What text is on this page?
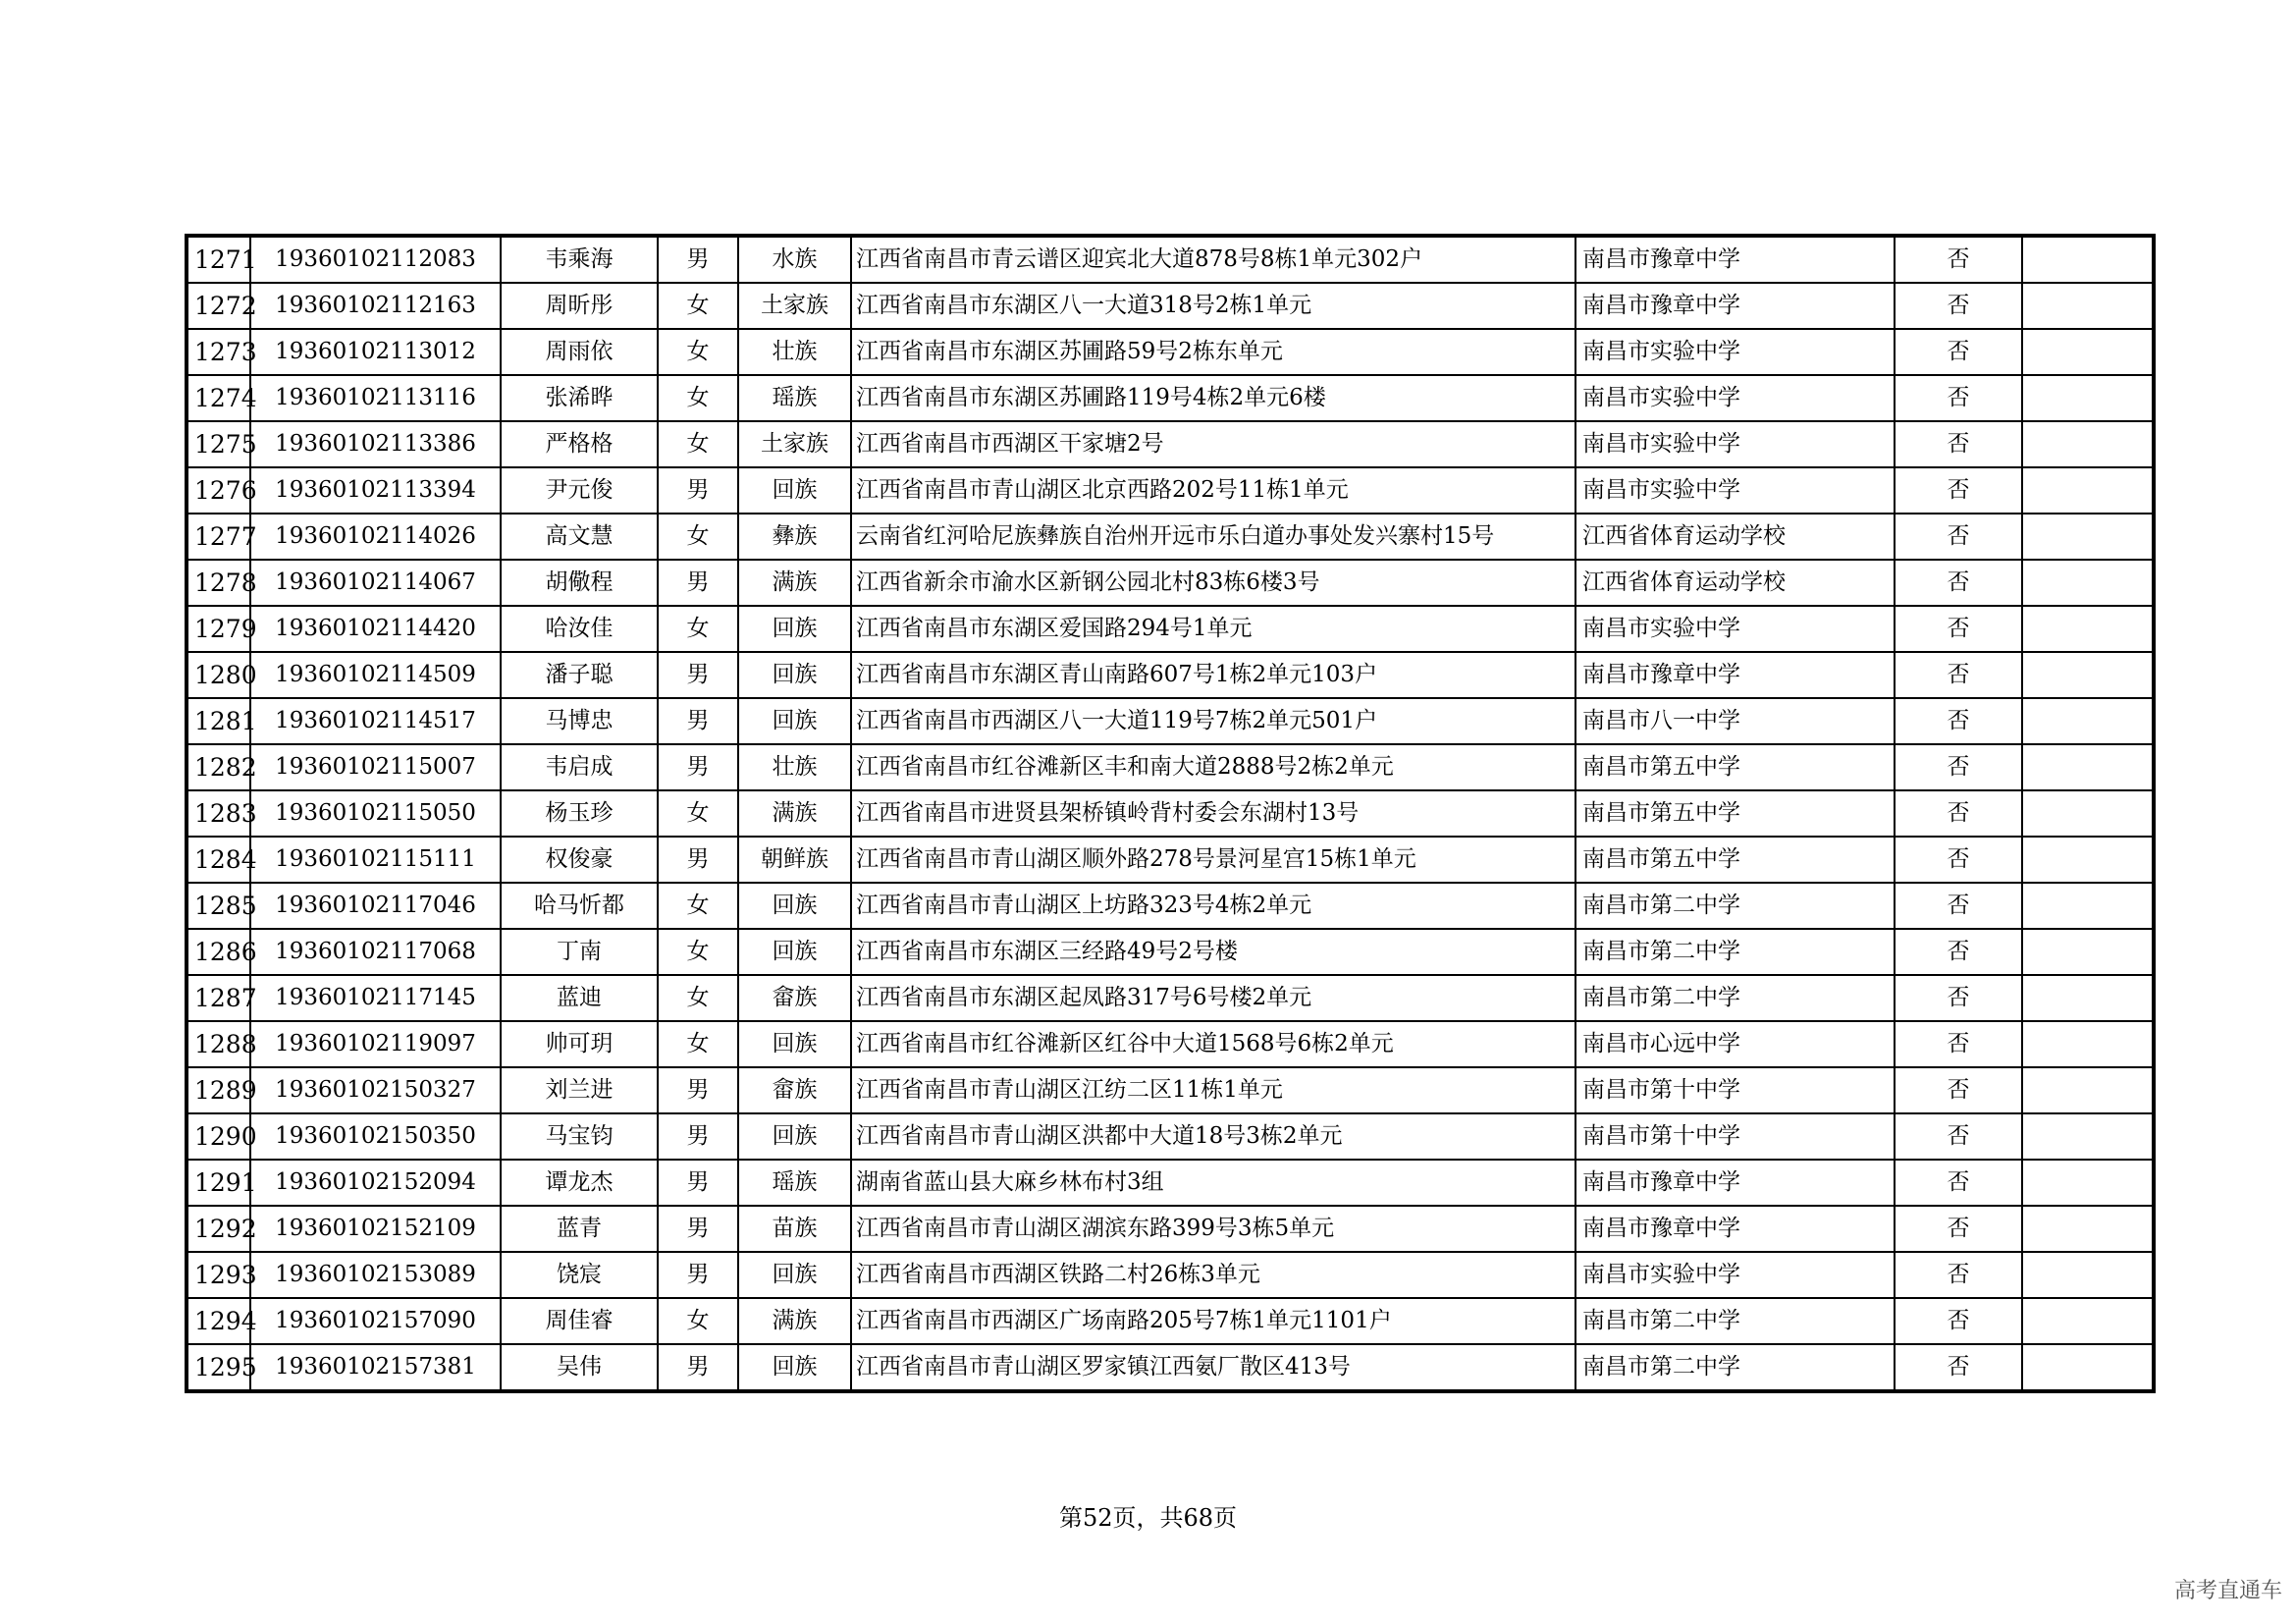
1271	19360102112083	韦乘海	男	水族	江西省南昌市青云谱区迎宾北大道878号8栋1单元302户	南昌市豫章中学	否	
1272	19360102112163	周昕彤	女	土家族	江西省南昌市东湖区八一大道318号2栋1单元	南昌市豫章中学	否	
1273	19360102113012	周雨依	女	壮族	江西省南昌市东湖区苏圃路59号2栋东单元	南昌市实验中学	否	
1274	19360102113116	张浠晔	女	瑶族	江西省南昌市东湖区苏圃路119号4栋2单元6楼	南昌市实验中学	否	
1275	19360102113386	严格格	女	土家族	江西省南昌市西湖区干家塘2号	南昌市实验中学	否	
1276	19360102113394	尹元俊	男	回族	江西省南昌市青山湖区北京西路202号11栋1单元	南昌市实验中学	否	
1277	19360102114026	高文慧	女	彝族	云南省红河哈尼族彝族自治州开远市乐白道办事处发兴寨村15号	江西省体育运动学校	否	
1278	19360102114067	胡儆程	男	满族	江西省新余市渝水区新钢公园北村83栋6楼3号	江西省体育运动学校	否	
1279	19360102114420	哈汝佳	女	回族	江西省南昌市东湖区爱国路294号1单元	南昌市实验中学	否	
1280	19360102114509	潘子聪	男	回族	江西省南昌市东湖区青山南路607号1栋2单元103户	南昌市豫章中学	否	
1281	19360102114517	马博忠	男	回族	江西省南昌市西湖区八一大道119号7栋2单元501户	南昌市八一中学	否	
1282	19360102115007	韦启成	男	壮族	江西省南昌市红谷滩新区丰和南大道2888号2栋2单元	南昌市第五中学	否	
1283	19360102115050	杨玉珍	女	满族	江西省南昌市进贤县架桥镇岭背村委会东湖村13号	南昌市第五中学	否	
1284	19360102115111	权俊豪	男	朝鲜族	江西省南昌市青山湖区顺外路278号景河星宫15栋1单元	南昌市第五中学	否	
1285	19360102117046	哈马忻都	女	回族	江西省南昌市青山湖区上坊路323号4栋2单元	南昌市第二中学	否	
1286	19360102117068	丁南	女	回族	江西省南昌市东湖区三经路49号2号楼	南昌市第二中学	否	
1287	19360102117145	蓝迪	女	畲族	江西省南昌市东湖区起凤路317号6号楼2单元	南昌市第二中学	否	
1288	19360102119097	帅可玥	女	回族	江西省南昌市红谷滩新区红谷中大道1568号6栋2单元	南昌市心远中学	否	
1289	19360102150327	刘兰进	男	畲族	江西省南昌市青山湖区江纺二区11栋1单元	南昌市第十中学	否	
1290	19360102150350	马宝钧	男	回族	江西省南昌市青山湖区洪都中大道18号3栋2单元	南昌市第十中学	否	
1291	19360102152094	谭龙杰	男	瑶族	湖南省蓝山县大麻乡林布村3组	南昌市豫章中学	否	
1292	19360102152109	蓝青	男	苗族	江西省南昌市青山湖区湖滨东路399号3栋5单元	南昌市豫章中学	否	
1293	19360102153089	饶宸	男	回族	江西省南昌市西湖区铁路二村26栋3单元	南昌市实验中学	否	
1294	19360102157090	周佳睿	女	满族	江西省南昌市西湖区广场南路205号7栋1单元1101户	南昌市第二中学	否	
1295	19360102157381	吴伟	男	回族	江西省南昌市青山湖区罗家镇江西氨厂散区413号	南昌市第二中学	否	
第52页，共68页
高考直通车
